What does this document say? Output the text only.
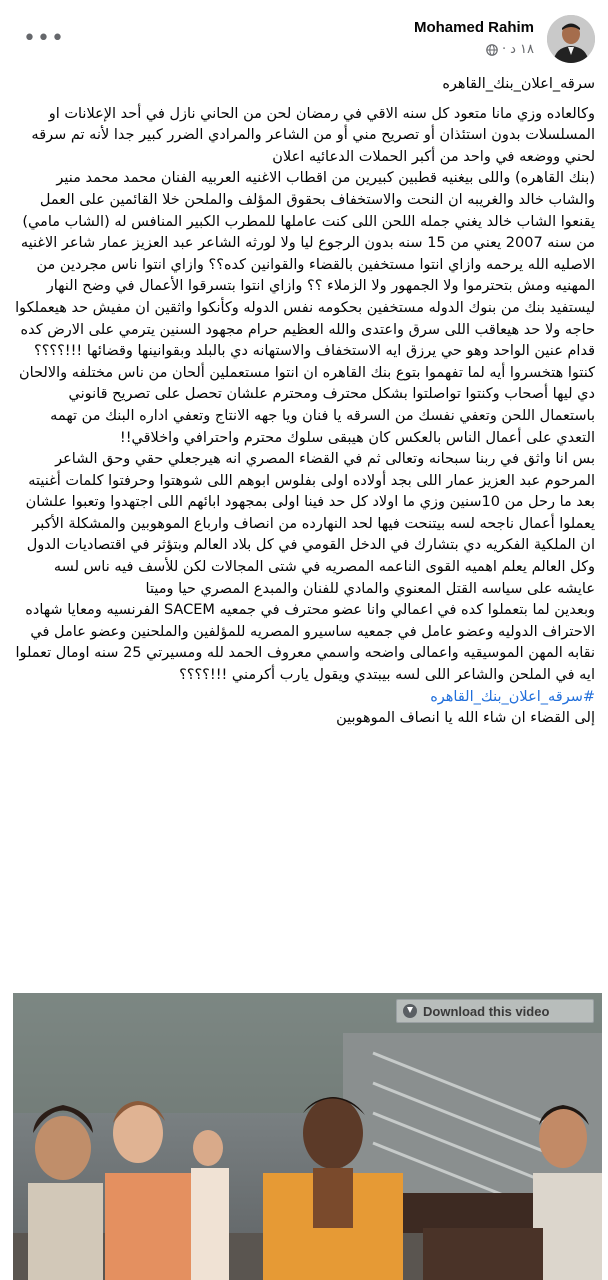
Mohamed Rahim
١٨ د
·
•••

سرقه_اعلان_بنك_القاهره

وكالعاده وزي مانا متعود كل سنه الاقي في رمضان لحن من الحاني نازل في أحد الإعلانات او المسلسلات بدون استئذان أو تصريح مني أو من الشاعر والمرادي الضرر كبير جدا لأنه تم سرقه لحني ووضعه في واحد من أكبر الحملات الدعائيه اعلان

(بنك القاهره) واللى بيغنيه قطبين كبيرين من اقطاب الاغنيه العربيه الفنان محمد محمد منير والشاب خالد والغريبه ان النحت والاستخفاف بحقوق المؤلف والملحن خلا القائمين على العمل يقنعوا الشاب خالد يغني جمله اللحن اللى كنت عاملها للمطرب الكبير المنافس له (الشاب مامي) من سنه 2007 يعني من 15 سنه بدون الرجوع ليا ولا لورثه الشاعر عبد العزيز عمار شاعر الاغنيه الاصليه الله يرحمه وازاي انتوا مستخفين بالقضاء والقوانين كده؟؟ وازاي انتوا ناس مجردين من المهنيه ومش بتحترموا ولا الجمهور ولا الزملاء ؟؟ وازاي انتوا بتسرقوا الأعمال في وضح النهار ليستفيد بنك من بنوك الدوله مستخفين بحكومه نفس الدوله وكأنكوا واثقين ان مفيش حد هيعملكوا حاجه ولا حد هيعاقب اللى سرق واعتدى والله العظيم حرام مجهود السنين يترمي على الارض كده قدام عنين الواحد وهو حي يرزق ايه الاستخفاف والاستهانه دي بالبلد وبقوانينها وقضائها !!!؟؟؟؟

كنتوا هتخسروا أيه لما تفهموا بتوع بنك القاهره ان انتوا مستعملين ألحان من ناس مختلفه والالحان دي ليها أصحاب وكنتوا تواصلتوا بشكل محترف ومحترم علشان تحصل على تصريح قانوني باستعمال اللحن وتعفي نفسك من السرقه يا فنان ويا جهه الانتاج وتعفي اداره البنك من تهمه التعدي على أعمال الناس بالعكس كان هيبقى سلوك محترم واحترافي واخلاقي!!

بس انا واثق في ربنا سبحانه وتعالى ثم في القضاء المصري انه هيرجعلي حقي وحق الشاعر المرحوم عبد العزيز عمار اللى بجد أولاده اولى بفلوس ابوهم اللى شوهتوا وحرفتوا كلمات أغنيته بعد ما رحل من 10سنين وزي ما اولاد كل حد فينا اولى بمجهود ابائهم اللى اجتهدوا وتعبوا علشان يعملوا أعمال ناجحه لسه بيتنحت فيها لحد النهارده من انصاف وارباع الموهوبين والمشكلة الأكبر ان الملكية الفكريه دي بتشارك في الدخل القومي في كل بلاد العالم وبتؤثر في اقتصاديات الدول وكل العالم يعلم اهميه القوى الناعمه المصريه في شتى المجالات لكن للأسف فيه ناس لسه عايشه على سياسه القتل المعنوي والمادي للفنان والمبدع المصري حيا وميتا

وبعدين لما بتعملوا كده في اعمالي وانا عضو محترف في جمعيه SACEM الفرنسيه ومعايا شهاده الاحتراف الدوليه وعضو عامل في جمعيه ساسيرو المصريه للمؤلفين والملحنين وعضو عامل في نقابه المهن الموسيقيه واعمالى واضحه واسمي معروف الحمد لله ومسيرتي 25 سنه اومال تعملوا ايه في الملحن والشاعر اللى لسه بيبتدي ويقول يارب أكرمني !!!؟؟؟؟

#سرقه_اعلان_بنك_القاهره

إلى القضاء ان شاء الله يا انصاف الموهوبين

Download this video
